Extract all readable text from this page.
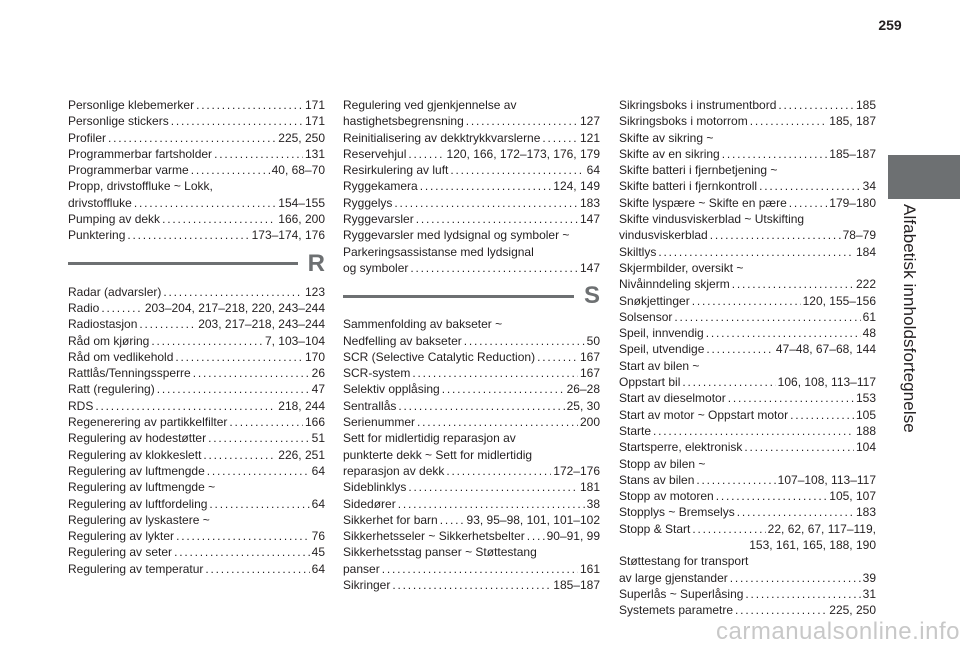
259
Alfabetisk innholdsfortegnelse
Personlige klebemerker .....	171
Personlige stickers .....	171
Profiler .....	225, 250
Programmerbar fartsholder .....	131
Programmerbar varme .....	40, 68–70
Propp, drivstoffluke ~ Lokk,
drivstoffluke .....	154–155
Pumping av dekk .....	166, 200
Punktering .....	173–174, 176
R
Radar (advarsler) .....	123
Radio .....	203–204, 217–218, 220, 243–244
Radiostasjon .....	203, 217–218, 243–244
Råd om kjøring .....	7, 103–104
Råd om vedlikehold .....	170
Rattlås/Tenningssperre .....	26
Ratt (regulering) .....	47
RDS .....	218, 244
Regenerering av partikkelfilter .....	166
Regulering av hodestøtter .....	51
Regulering av klokkeslett .....	226, 251
Regulering av luftmengde .....	64
Regulering av luftmengde ~
Regulering av luftfordeling .....	64
Regulering av lyskastere ~
Regulering av lykter .....	76
Regulering av seter .....	45
Regulering av temperatur .....	64
Regulering ved gjenkjennelse av
hastighetsbegrensning .....	127
Reinitialisering av dekktrykkvarslerne .....	121
Reservehjul .....	120, 166, 172–173, 176, 179
Resirkulering av luft .....	64
Ryggekamera .....	124, 149
Ryggelys .....	183
Ryggevarsler .....	147
Ryggevarsler med lydsignal og symboler ~
Parkeringsassistanse med lydsignal
og symboler .....	147
S
Sammenfolding av bakseter ~
Nedfelling av bakseter .....	50
SCR (Selective Catalytic Reduction) .....	167
SCR-system .....	167
Selektiv opplåsing .....	26–28
Sentrallås .....	25, 30
Serienummer .....	200
Sett for midlertidig reparasjon av
punkterte dekk ~ Sett for midlertidig
reparasjon av dekk .....	172–176
Sideblinklys .....	181
Sidedører .....	38
Sikkerhet for barn ..... 93, 95–98, 101, 101–102
Sikkerhetsseler ~ Sikkerhetsbelter ..... 90–91, 99
Sikkerhetsstag panser ~ Støttestang
panser .....	161
Sikringer .....	185–187
Sikringsboks i instrumentbord .....	185
Sikringsboks i motorrom .....	185, 187
Skifte av sikring ~
Skifte av en sikring .....	185–187
Skifte batteri i fjernbetjening ~
Skifte batteri i fjernkontroll .....	34
Skifte lyspære ~ Skifte en pære .....	179–180
Skifte vindusviskerblad ~ Utskifting
vindusviskerblad .....	78–79
Skiltlys .....	184
Skjermbilder, oversikt ~
Nivåinndeling skjerm .....	222
Snøkjettinger .....	120, 155–156
Solsensor .....	61
Speil, innvendig .....	48
Speil, utvendige .....	47–48, 67–68, 144
Start av bilen ~
Oppstart bil .....	106, 108, 113–117
Start av dieselmotor .....	153
Start av motor ~ Oppstart motor .....	105
Starte .....	188
Startsperre, elektronisk .....	104
Stopp av bilen ~
Stans av bilen .....	107–108, 113–117
Stopp av motoren .....	105, 107
Stopplys ~ Bremselys .....	183
Stopp & Start .....	22, 62, 67, 117–119,
153, 161, 165, 188, 190
Støttestang for transport
av large gjenstander .....	39
Superlås ~ Superlåsing .....	31
Systemets parametre .....	225, 250
carmanualsonline.info
